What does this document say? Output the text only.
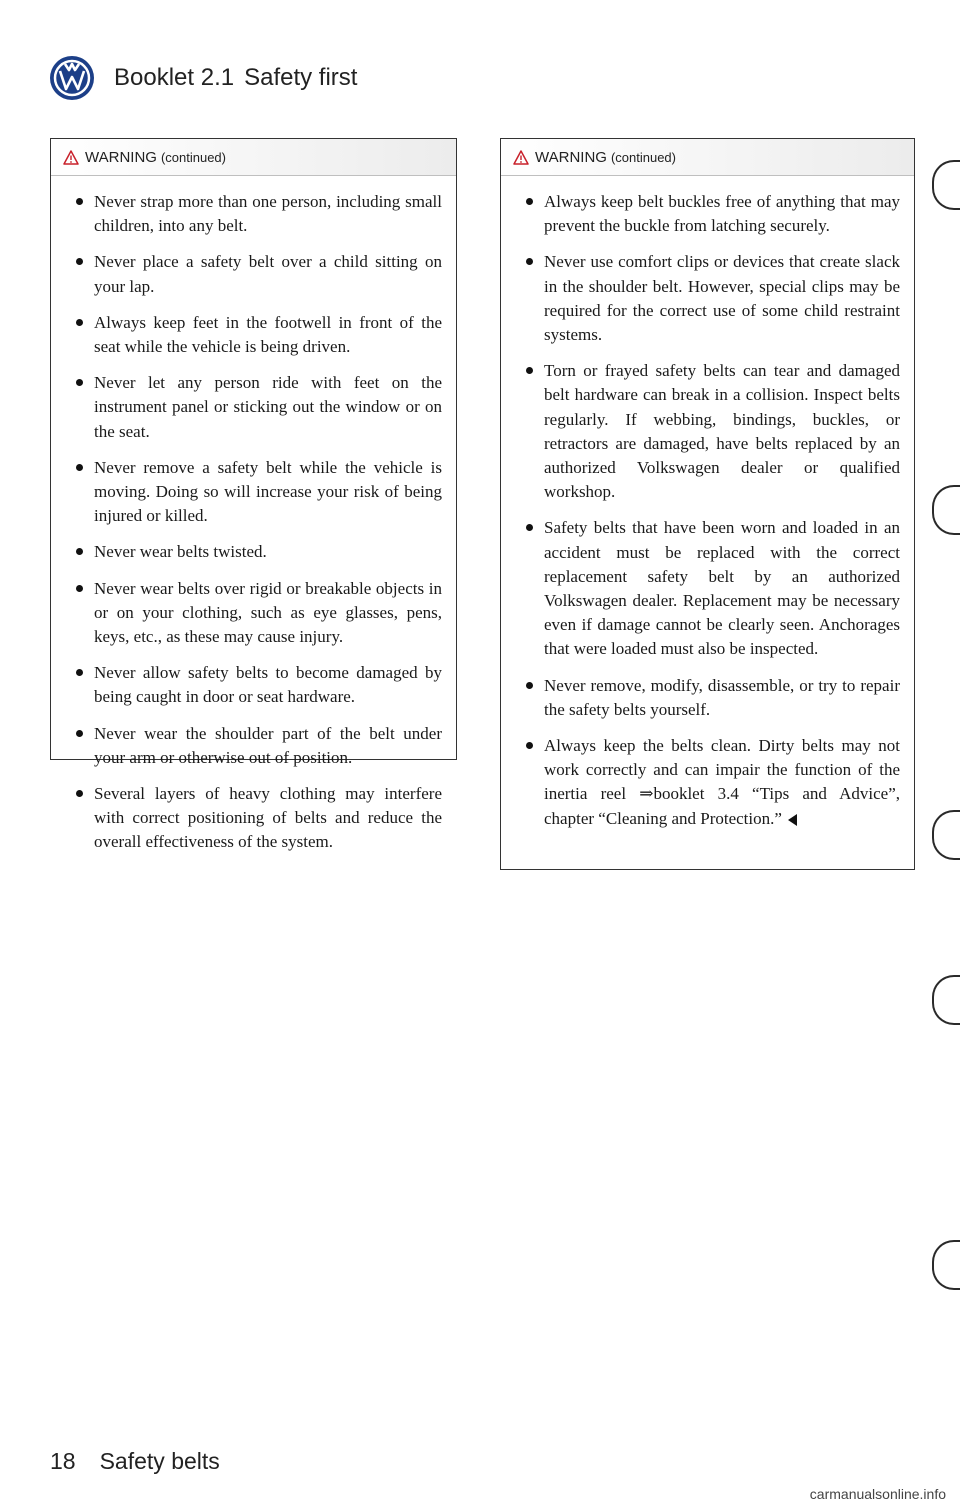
Booklet 2.1 Safety first
WARNING (continued)
Never strap more than one person, including small children, into any belt.
Never place a safety belt over a child sitting on your lap.
Always keep feet in the footwell in front of the seat while the vehicle is being driven.
Never let any person ride with feet on the instrument panel or sticking out the window or on the seat.
Never remove a safety belt while the vehicle is moving. Doing so will increase your risk of being injured or killed.
Never wear belts twisted.
Never wear belts over rigid or breakable objects in or on your clothing, such as eye glasses, pens, keys, etc., as these may cause injury.
Never allow safety belts to become damaged by being caught in door or seat hardware.
Never wear the shoulder part of the belt under your arm or otherwise out of position.
Several layers of heavy clothing may interfere with correct positioning of belts and reduce the overall effectiveness of the system.
WARNING (continued)
Always keep belt buckles free of anything that may prevent the buckle from latching securely.
Never use comfort clips or devices that create slack in the shoulder belt. However, special clips may be required for the correct use of some child restraint systems.
Torn or frayed safety belts can tear and damaged belt hardware can break in a collision. Inspect belts regularly. If webbing, bindings, buckles, or retractors are damaged, have belts replaced by an authorized Volkswagen dealer or qualified workshop.
Safety belts that have been worn and loaded in an accident must be replaced with the correct replacement safety belt by an authorized Volkswagen dealer. Replacement may be necessary even if damage cannot be clearly seen. Anchorages that were loaded must also be inspected.
Never remove, modify, disassemble, or try to repair the safety belts yourself.
Always keep the belts clean. Dirty belts may not work correctly and can impair the function of the inertia reel ⇒booklet 3.4 “Tips and Advice”, chapter “Cleaning and Protection.”
18 Safety belts
carmanualsonline.info
